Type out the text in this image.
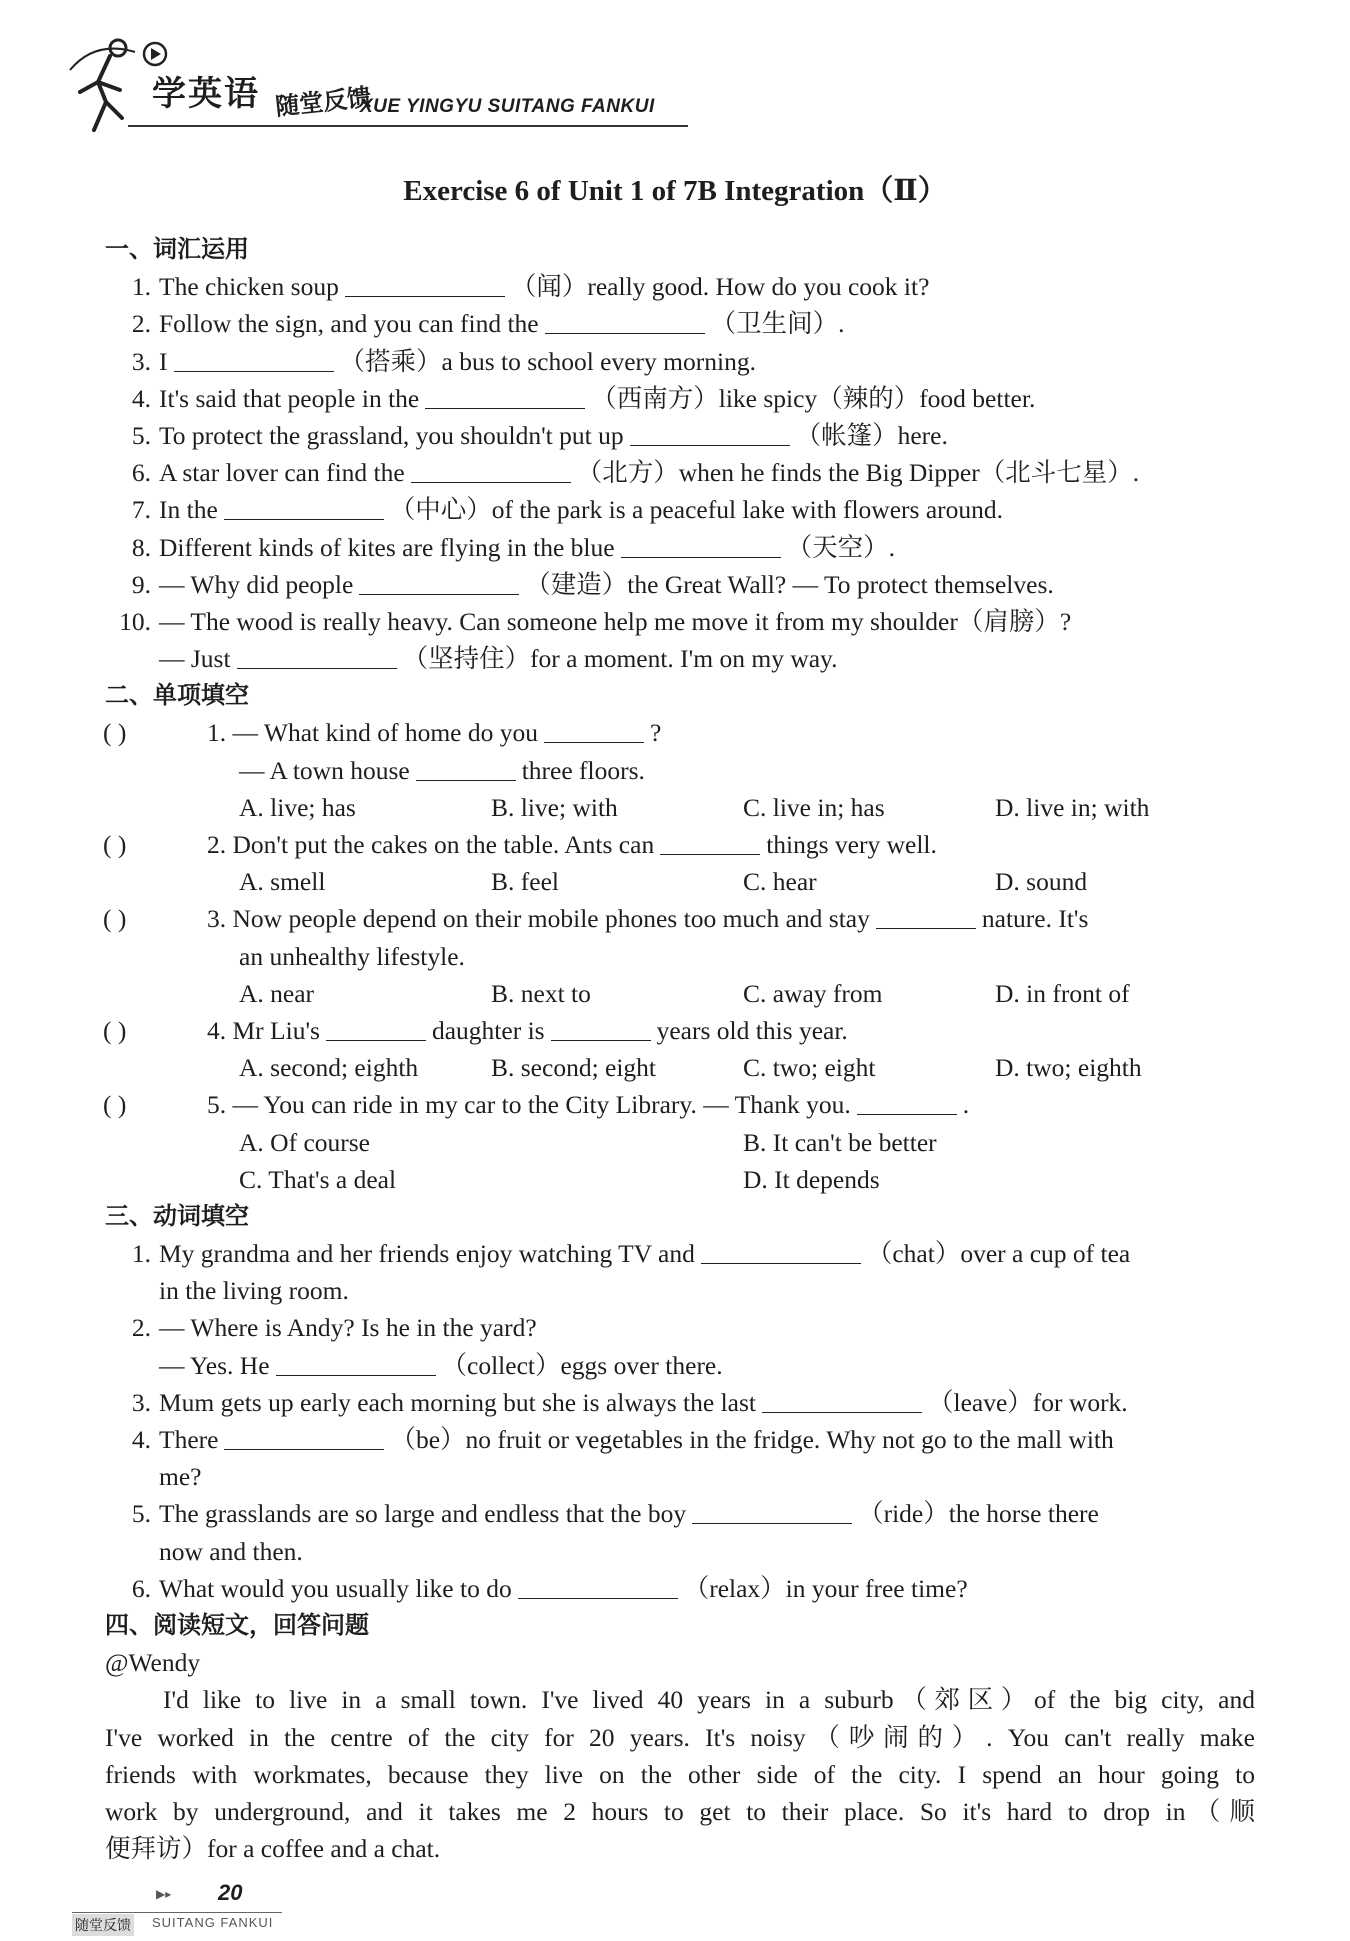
学英语 随堂反馈
XUE YINGYU SUITANG FANKUI
Exercise 6 of Unit 1 of 7B Integration（Ⅱ）
一、词汇运用
1. The chicken soup	（闻）really good. How do you cook it?
2. Follow the sign, and you can find the	（卫生间）.
3. I	（搭乘）a bus to school every morning.
4. It's said that people in the	（西南方）like spicy（辣的）food better.
5. To protect the grassland, you shouldn't put up	（帐篷）here.
6. A star lover can find the	（北方）when he finds the Big Dipper（北斗七星）.
7. In the	（中心）of the park is a peaceful lake with flowers around.
8. Different kinds of kites are flying in the blue	（天空）.
9. — Why did people	（建造）the Great Wall? — To protect themselves.
10. — The wood is really heavy. Can someone help me move it from my shoulder（肩膀）?
— Just	（坚持住）for a moment. I'm on my way.
二、单项填空
( )	1. — What kind of home do you	?
— A town house	three floors.
A. live; has	B. live; with	C. live in; has	D. live in; with
( )	2. Don't put the cakes on the table. Ants can	things very well.
A. smell	B. feel	C. hear	D. sound
( )	3. Now people depend on their mobile phones too much and stay	nature. It's
an unhealthy lifestyle.
A. near	B. next to	C. away from	D. in front of
( )	4. Mr Liu's	daughter is	years old this year.
A. second; eighth	B. second; eight	C. two; eight	D. two; eighth
( )	5. — You can ride in my car to the City Library. — Thank you.	.
A. Of course	B. It can't be better
C. That's a deal	D. It depends
三、动词填空
1. My grandma and her friends enjoy watching TV and	（chat）over a cup of tea
in the living room.
2. — Where is Andy? Is he in the yard?
— Yes. He	（collect）eggs over there.
3. Mum gets up early each morning but she is always the last	（leave）for work.
4. There	（be）no fruit or vegetables in the fridge. Why not go to the mall with
me?
5. The grasslands are so large and endless that the boy	（ride）the horse there
now and then.
6. What would you usually like to do	（relax）in your free time?
四、阅读短文，回答问题
@Wendy
I'd like to live in a small town. I've lived 40 years in a suburb（郊区）of the big city, and
I've worked in the centre of the city for 20 years. It's noisy（吵闹的）. You can't really make
friends with workmates, because they live on the other side of the city. I spend an hour going to
work by underground, and it takes me 2 hours to get to their place. So it's hard to drop in（顺
便拜访）for a coffee and a chat.
▶▸ 20
随堂反馈 SUITANG FANKUI
